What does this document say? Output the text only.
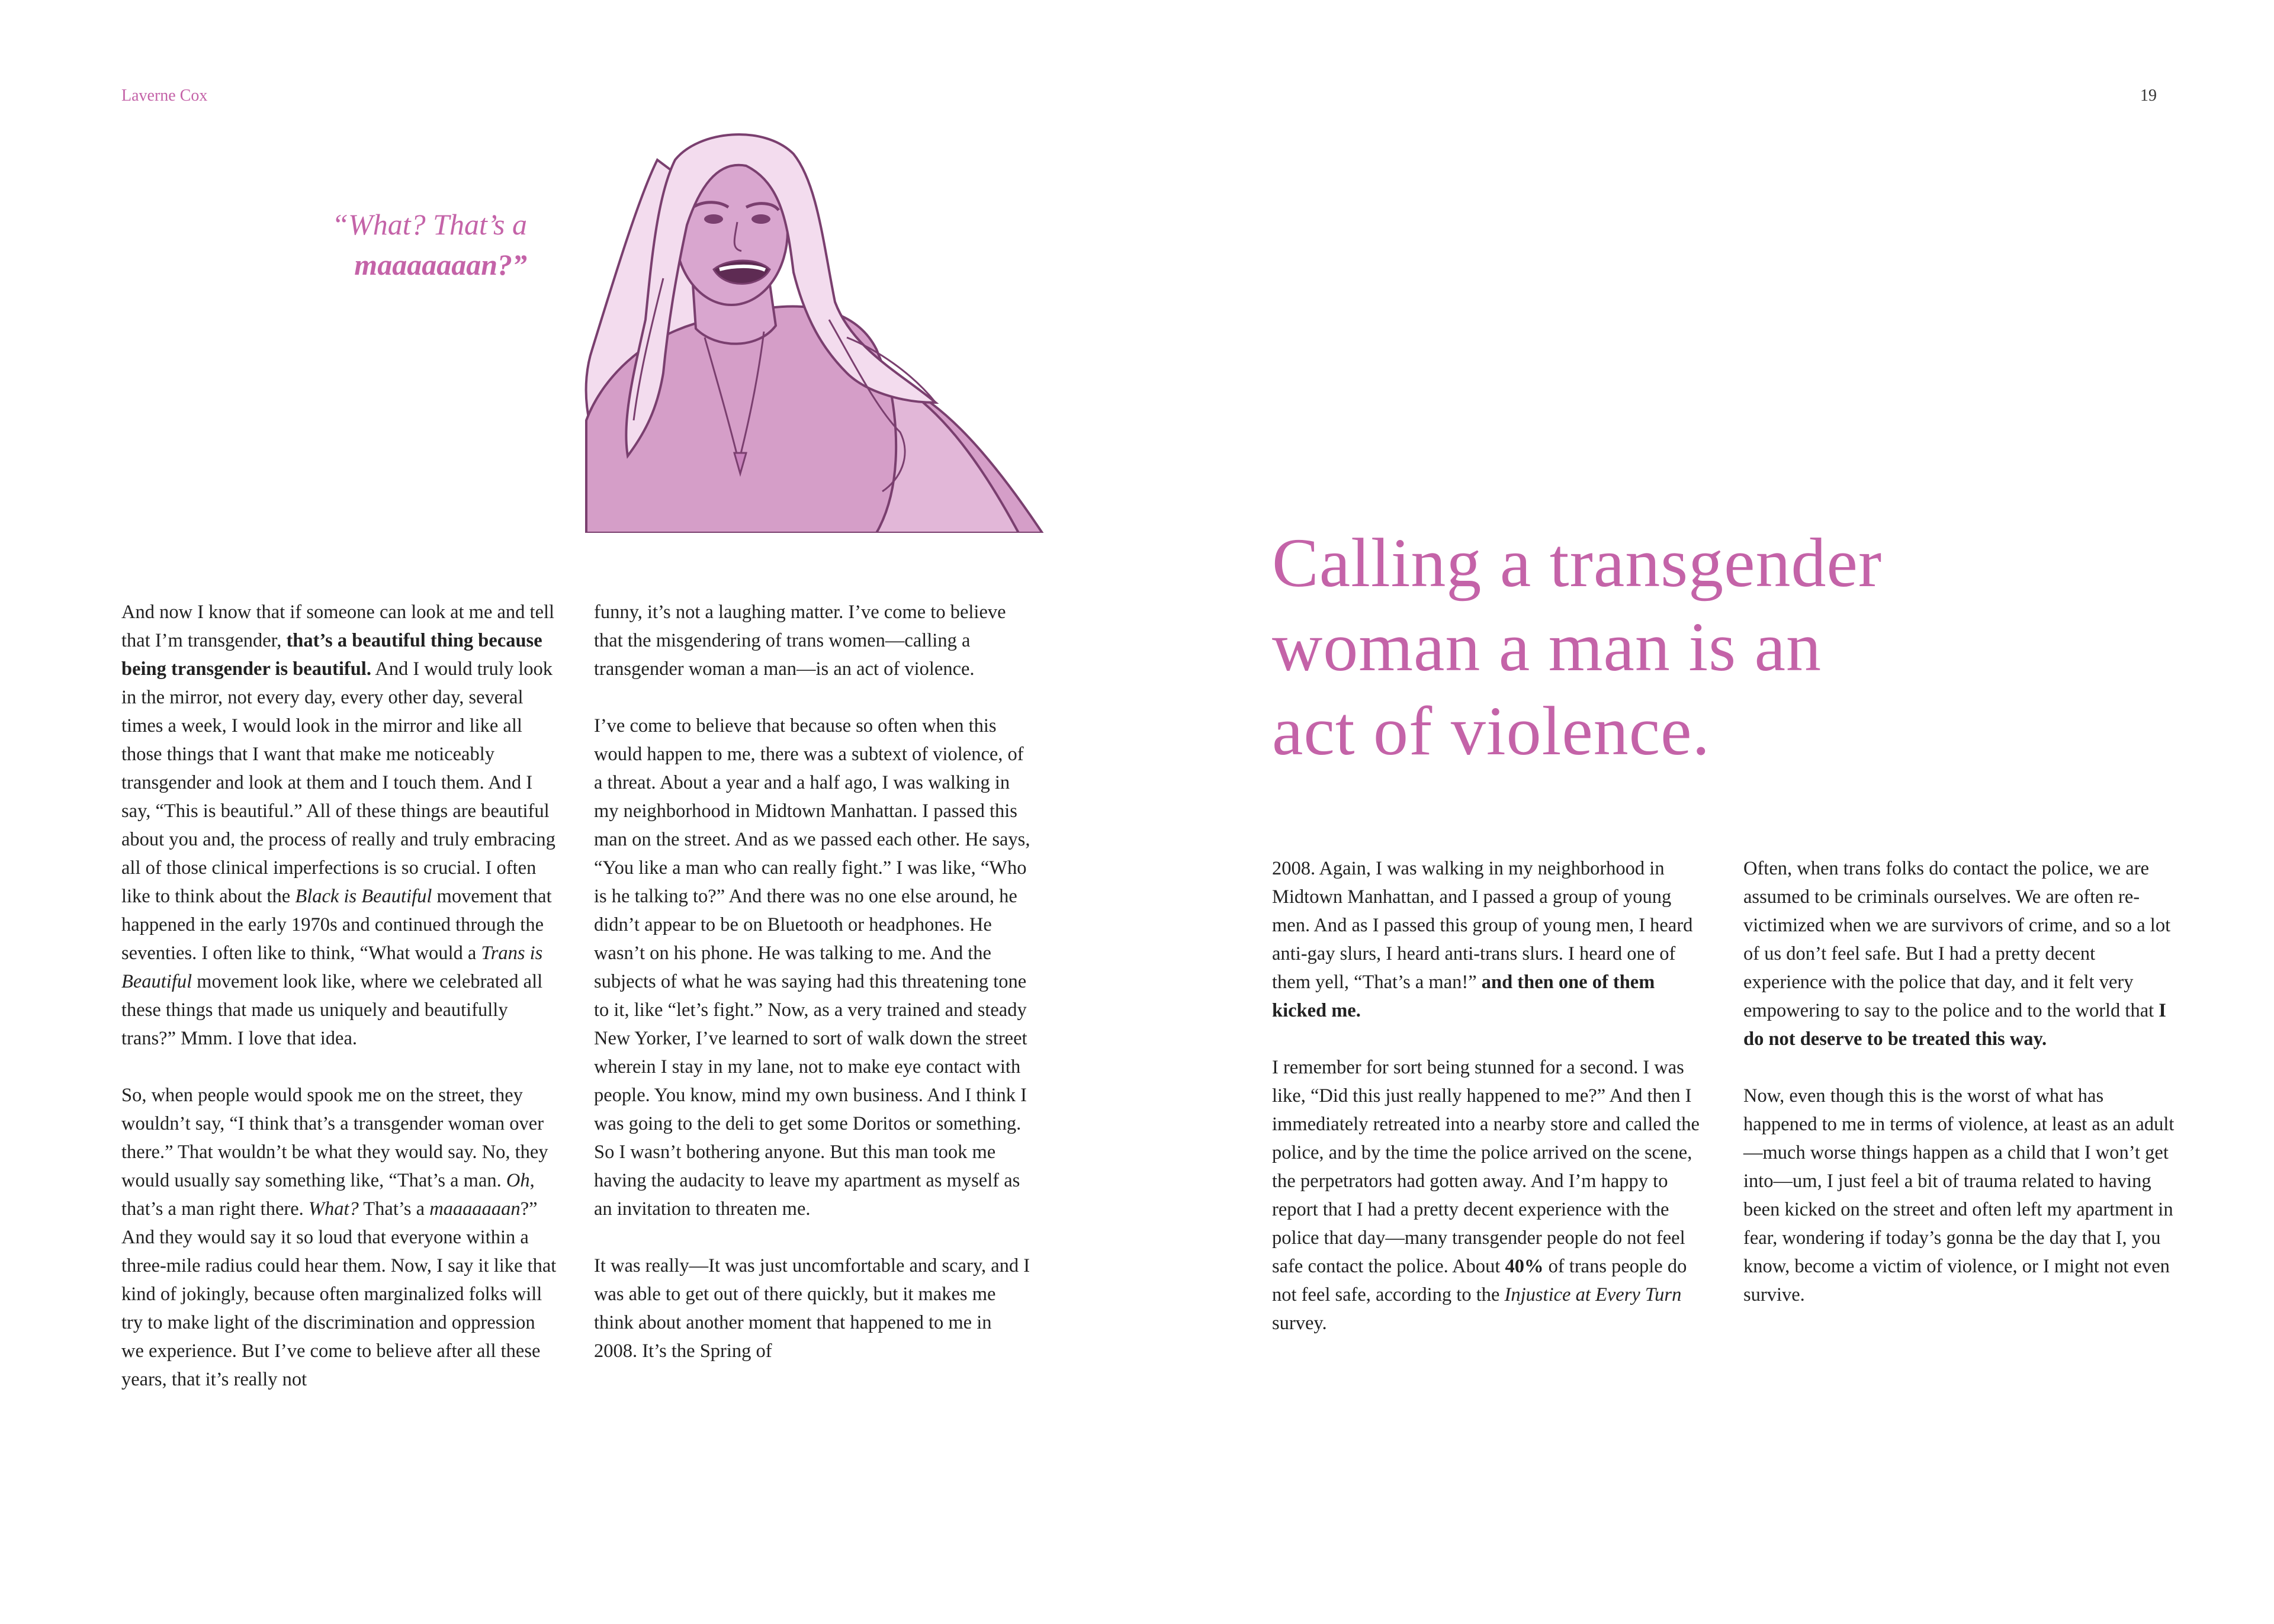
Laverne Cox	19
“What? That’s a
maaaaaaan?”
Calling a transgender
woman a man is an
act of violence.

And now I know that if someone can look at me and tell that I’m transgender, that’s a beautiful thing because being transgender is beautiful. And I would truly look in the mirror, not every day, every other day, several times a week, I would look in the mirror and like all those things that I want that make me noticeably transgender and look at them and I touch them. And I say, “This is beautiful.” All of these things are beautiful about you and, the process of really and truly embracing all of those clinical imperfections is so crucial. I often like to think about the Black is Beautiful movement that happened in the early 1970s and continued through the seventies. I often like to think, “What would a Trans is Beautiful movement look like, where we celebrated all these things that made us uniquely and beautifully trans?” Mmm. I love that idea.

So, when people would spook me on the street, they wouldn’t say, “I think that’s a transgender woman over there.” That wouldn’t be what they would say. No, they would usually say something like, “That’s a man. Oh, that’s a man right there. What? That’s a maaaaaaan?” And they would say it so loud that everyone within a three-mile radius could hear them. Now, I say it like that kind of jokingly, because often marginalized folks will try to make light of the discrimination and oppression we experience. But I’ve come to believe after all these years, that it’s really not

funny, it’s not a laughing matter. I’ve come to believe that the misgendering of trans women—calling a transgender woman a man—is an act of violence.

I’ve come to believe that because so often when this would happen to me, there was a subtext of violence, of a threat. About a year and a half ago, I was walking in my neighborhood in Midtown Manhattan. I passed this man on the street. And as we passed each other. He says, “You like a man who can really fight.” I was like, “Who is he talking to?” And there was no one else around, he didn’t appear to be on Bluetooth or headphones. He wasn’t on his phone. He was talking to me. And the subjects of what he was saying had this threatening tone to it, like “let’s fight.” Now, as a very trained and steady New Yorker, I’ve learned to sort of walk down the street wherein I stay in my lane, not to make eye contact with people. You know, mind my own business. And I think I was going to the deli to get some Doritos or something. So I wasn’t bothering anyone. But this man took me having the audacity to leave my apartment as myself as an invitation to threaten me.

It was really—It was just uncomfortable and scary, and I was able to get out of there quickly, but it makes me think about another moment that happened to me in 2008. It’s the Spring of

2008. Again, I was walking in my neighborhood in Midtown Manhattan, and I passed a group of young men. And as I passed this group of young men, I heard anti-gay slurs, I heard anti-trans slurs. I heard one of them yell, “That’s a man!” and then one of them kicked me.

I remember for sort being stunned for a second. I was like, “Did this just really happened to me?” And then I immediately retreated into a nearby store and called the police, and by the time the police arrived on the scene, the perpetrators had gotten away. And I’m happy to report that I had a pretty decent experience with the police that day—many transgender people do not feel safe contact the police. About 40% of trans people do not feel safe, according to the Injustice at Every Turn survey.

Often, when trans folks do contact the police, we are assumed to be criminals ourselves. We are often re-victimized when we are survivors of crime, and so a lot of us don’t feel safe. But I had a pretty decent experience with the police that day, and it felt very empowering to say to the police and to the world that I do not deserve to be treated this way.

Now, even though this is the worst of what has happened to me in terms of violence, at least as an adult—much worse things happen as a child that I won’t get into—um, I just feel a bit of trauma related to having been kicked on the street and often left my apartment in fear, wondering if today’s gonna be the day that I, you know, become a victim of violence, or I might not even survive.
